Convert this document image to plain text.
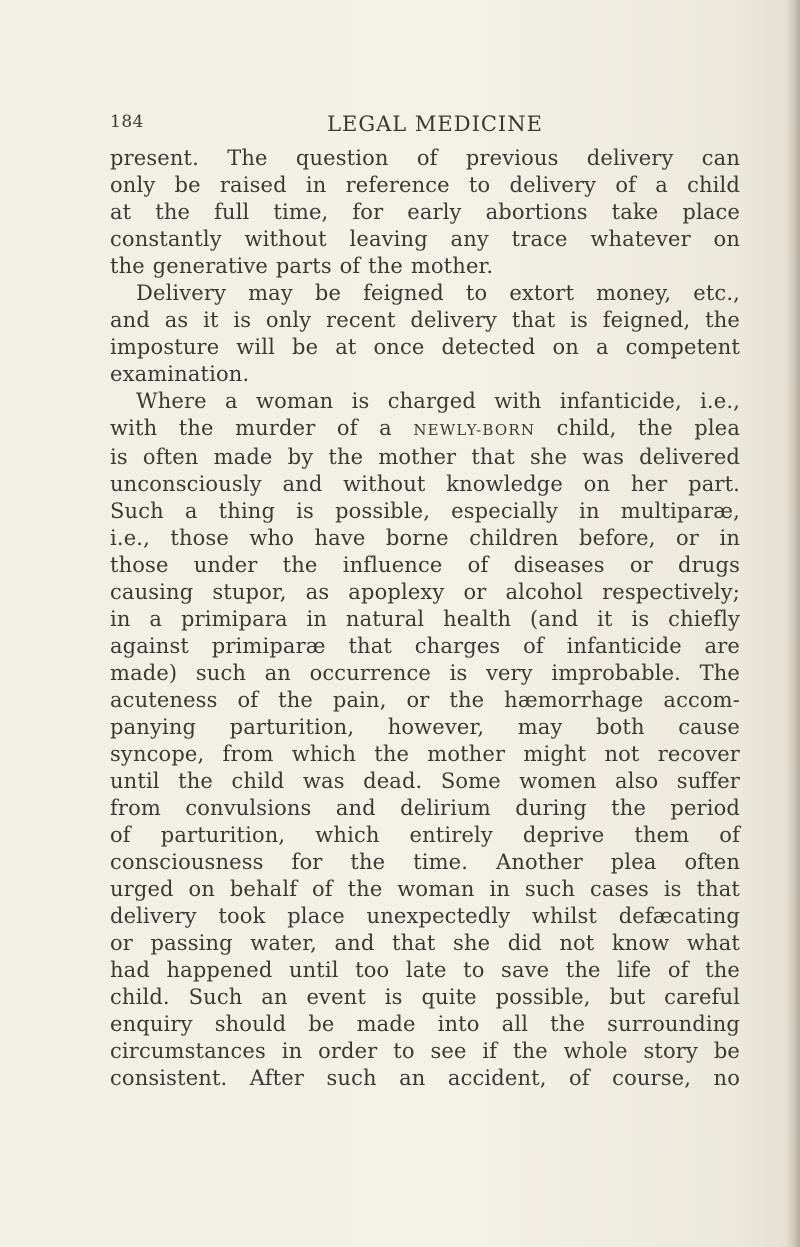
184	LEGAL MEDICINE

present. The question of previous delivery can
only be raised in reference to delivery of a child
at the full time, for early abortions take place
constantly without leaving any trace whatever on
the generative parts of the mother.

Delivery may be feigned to extort money, etc.,
and as it is only recent delivery that is feigned, the
imposture will be at once detected on a competent
examination.

Where a woman is charged with infanticide, i.e.,
with the murder of a NEWLY-BORN child, the plea
is often made by the mother that she was delivered
unconsciously and without knowledge on her part.
Such a thing is possible, especially in multiparæ,
i.e., those who have borne children before, or in
those under the influence of diseases or drugs
causing stupor, as apoplexy or alcohol respectively;
in a primipara in natural health (and it is chiefly
against primiparæ that charges of infanticide are
made) such an occurrence is very improbable. The
acuteness of the pain, or the hæmorrhage accom-
panying parturition, however, may both cause
syncope, from which the mother might not recover
until the child was dead. Some women also suffer
from convulsions and delirium during the period
of parturition, which entirely deprive them of
consciousness for the time. Another plea often
urged on behalf of the woman in such cases is that
delivery took place unexpectedly whilst defæcating
or passing water, and that she did not know what
had happened until too late to save the life of the
child. Such an event is quite possible, but careful
enquiry should be made into all the surrounding
circumstances in order to see if the whole story be
consistent. After such an accident, of course, no
